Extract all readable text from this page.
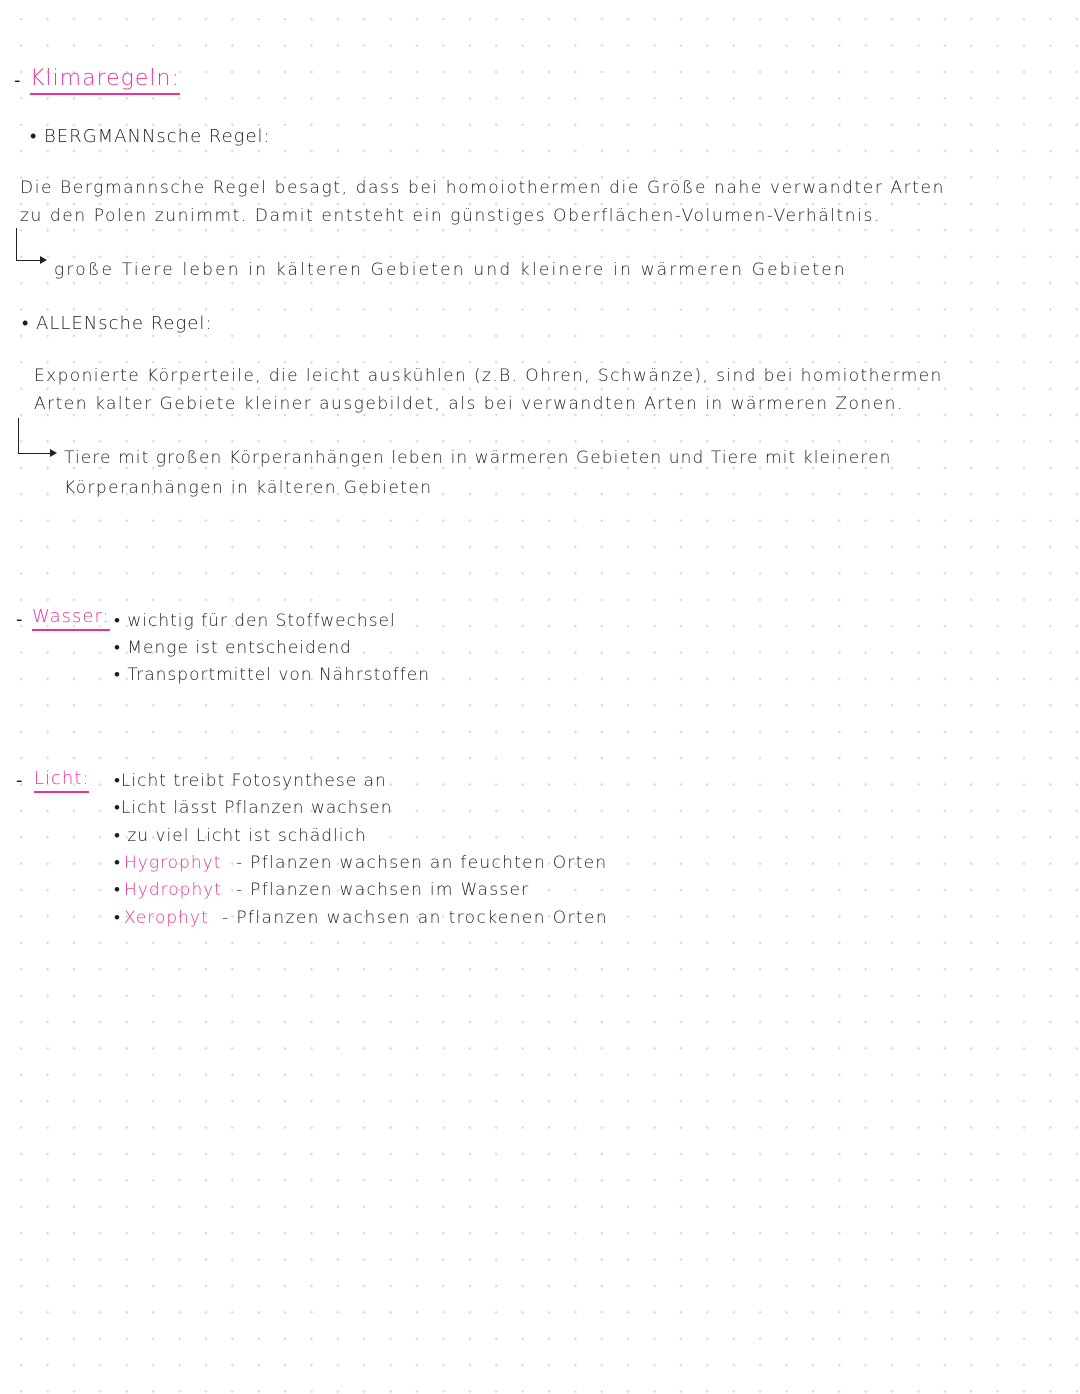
- Klimaregeln:
• BERGMANNsche Regel:
Die Bergmannsche Regel besagt, dass bei homoiothermen die Größe nahe verwandter Arten
zu den Polen zunimmt. Damit entsteht ein günstiges Oberflächen-Volumen-Verhältnis.
große Tiere leben in kälteren Gebieten und kleinere in wärmeren Gebieten
• ALLENsche Regel:
Exponierte Körperteile, die leicht auskühlen (z.B. Ohren, Schwänze), sind bei homiothermen
Arten kalter Gebiete kleiner ausgebildet, als bei verwandten Arten in wärmeren Zonen.
Tiere mit großen Körperanhängen leben in wärmeren Gebieten und Tiere mit kleineren
Körperanhängen in kälteren Gebieten
- Wasser: • wichtig für den Stoffwechsel
• Menge ist entscheidend
• Transportmittel von Nährstoffen
- Licht: •Licht treibt Fotosynthese an
•Licht lässt Pflanzen wachsen
• zu viel Licht ist schädlich
• Hygrophyt - Pflanzen wachsen an feuchten Orten
• Hydrophyt - Pflanzen wachsen im Wasser
• Xerophyt - Pflanzen wachsen an trockenen Orten
